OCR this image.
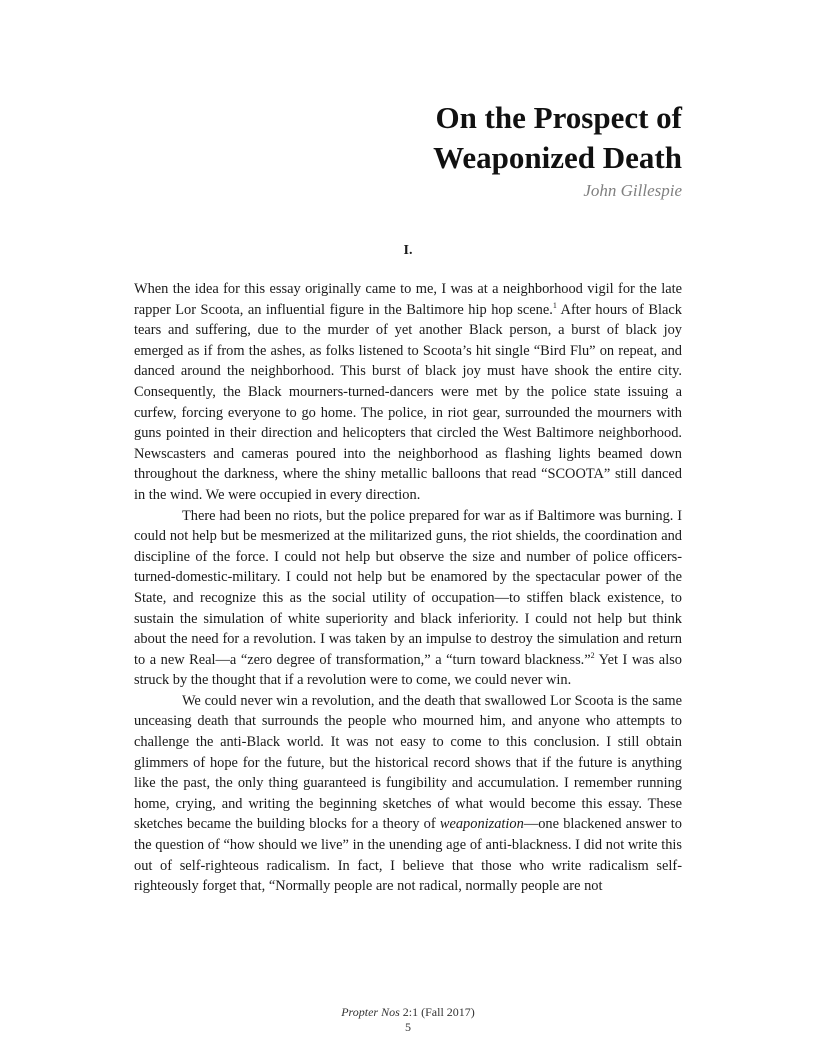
On the Prospect of
Weaponized Death
John Gillespie
I.

When the idea for this essay originally came to me, I was at a neighborhood vigil for the late rapper Lor Scoota, an influential figure in the Baltimore hip hop scene.$^1$ After hours of Black tears and suffering, due to the murder of yet another Black person, a burst of black joy emerged as if from the ashes, as folks listened to Scoota’s hit single “Bird Flu” on repeat, and danced around the neighborhood. This burst of black joy must have shook the entire city. Consequently, the Black mourners-turned-dancers were met by the police state issuing a curfew, forcing everyone to go home. The police, in riot gear, surrounded the mourners with guns pointed in their direction and helicopters that circled the West Baltimore neighborhood. Newscasters and cameras poured into the neighborhood as flashing lights beamed down throughout the darkness, where the shiny metallic balloons that read “SCOOTA” still danced in the wind. We were occupied in every direction.

There had been no riots, but the police prepared for war as if Baltimore was burning. I could not help but be mesmerized at the militarized guns, the riot shields, the coordination and discipline of the force. I could not help but observe the size and number of police officers-turned-domestic-military. I could not help but be enamored by the spectacular power of the State, and recognize this as the social utility of occupation—to stiffen black existence, to sustain the simulation of white superiority and black inferiority. I could not help but think about the need for a revolution. I was taken by an impulse to destroy the simulation and return to a new Real—a “zero degree of transformation,” a “turn toward blackness.”$^2$ Yet I was also struck by the thought that if a revolution were to come, we could never win.

We could never win a revolution, and the death that swallowed Lor Scoota is the same unceasing death that surrounds the people who mourned him, and anyone who attempts to challenge the anti-Black world. It was not easy to come to this conclusion. I still obtain glimmers of hope for the future, but the historical record shows that if the future is anything like the past, the only thing guaranteed is fungibility and accumulation. I remember running home, crying, and writing the beginning sketches of what would become this essay. These sketches became the building blocks for a theory of weaponization—one blackened answer to the question of “how should we live” in the unending age of anti-blackness. I did not write this out of self-righteous radicalism. In fact, I believe that those who write radicalism self-righteously forget that, “Normally people are not radical, normally people are not

Propter Nos 2:1 (Fall 2017)
5
